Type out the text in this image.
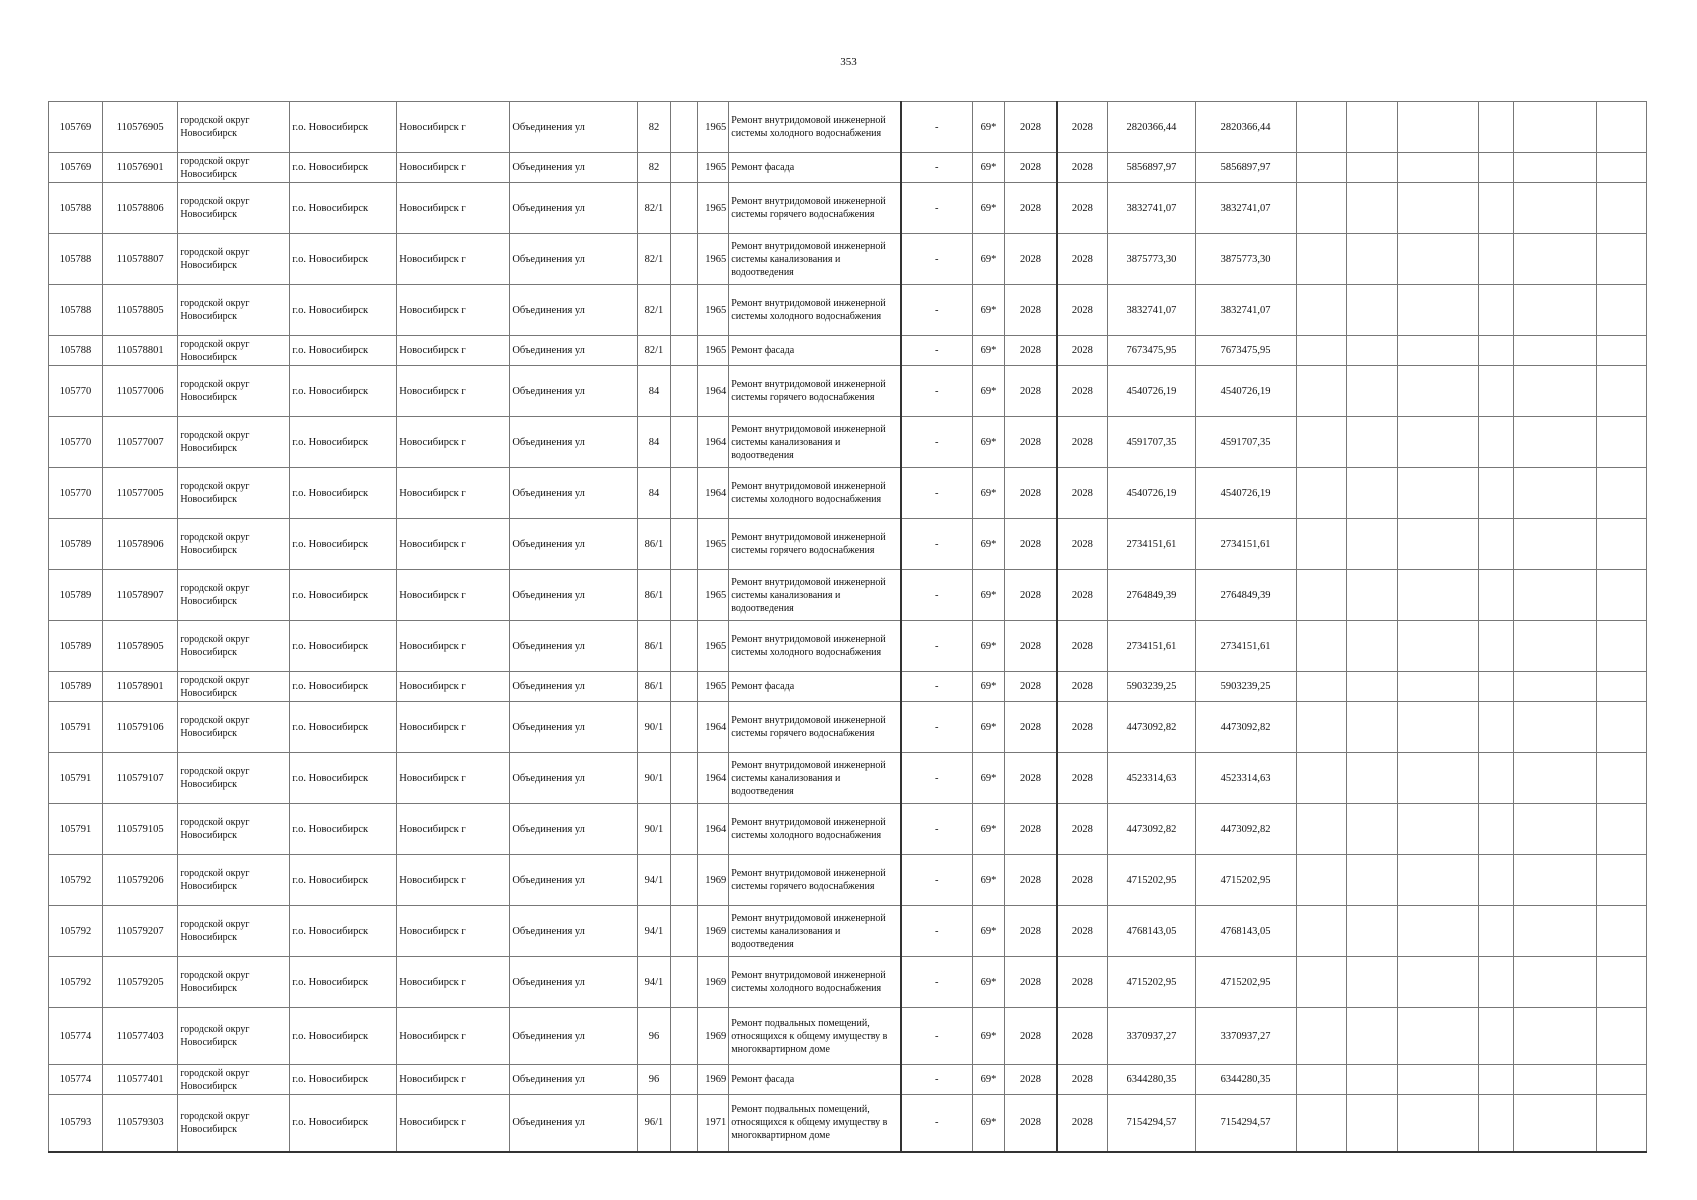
353
105769	110576905	городской округ Новосибирск	г.о. Новосибирск	Новосибирск г	Объединения ул	82		1965	Ремонт внутридомовой инженерной системы холодного водоснабжения	-	69*	2028	2028	2820366,44	2820366,44						
105769	110576901	городской округ Новосибирск	г.о. Новосибирск	Новосибирск г	Объединения ул	82		1965	Ремонт фасада	-	69*	2028	2028	5856897,97	5856897,97						
105788	110578806	городской округ Новосибирск	г.о. Новосибирск	Новосибирск г	Объединения ул	82/1		1965	Ремонт внутридомовой инженерной системы горячего водоснабжения	-	69*	2028	2028	3832741,07	3832741,07						
105788	110578807	городской округ Новосибирск	г.о. Новосибирск	Новосибирск г	Объединения ул	82/1		1965	Ремонт внутридомовой инженерной системы канализования и водоотведения	-	69*	2028	2028	3875773,30	3875773,30						
105788	110578805	городской округ Новосибирск	г.о. Новосибирск	Новосибирск г	Объединения ул	82/1		1965	Ремонт внутридомовой инженерной системы холодного водоснабжения	-	69*	2028	2028	3832741,07	3832741,07						
105788	110578801	городской округ Новосибирск	г.о. Новосибирск	Новосибирск г	Объединения ул	82/1		1965	Ремонт фасада	-	69*	2028	2028	7673475,95	7673475,95						
105770	110577006	городской округ Новосибирск	г.о. Новосибирск	Новосибирск г	Объединения ул	84		1964	Ремонт внутридомовой инженерной системы горячего водоснабжения	-	69*	2028	2028	4540726,19	4540726,19						
105770	110577007	городской округ Новосибирск	г.о. Новосибирск	Новосибирск г	Объединения ул	84		1964	Ремонт внутридомовой инженерной системы канализования и водоотведения	-	69*	2028	2028	4591707,35	4591707,35						
105770	110577005	городской округ Новосибирск	г.о. Новосибирск	Новосибирск г	Объединения ул	84		1964	Ремонт внутридомовой инженерной системы холодного водоснабжения	-	69*	2028	2028	4540726,19	4540726,19						
105789	110578906	городской округ Новосибирск	г.о. Новосибирск	Новосибирск г	Объединения ул	86/1		1965	Ремонт внутридомовой инженерной системы горячего водоснабжения	-	69*	2028	2028	2734151,61	2734151,61						
105789	110578907	городской округ Новосибирск	г.о. Новосибирск	Новосибирск г	Объединения ул	86/1		1965	Ремонт внутридомовой инженерной системы канализования и водоотведения	-	69*	2028	2028	2764849,39	2764849,39						
105789	110578905	городской округ Новосибирск	г.о. Новосибирск	Новосибирск г	Объединения ул	86/1		1965	Ремонт внутридомовой инженерной системы холодного водоснабжения	-	69*	2028	2028	2734151,61	2734151,61						
105789	110578901	городской округ Новосибирск	г.о. Новосибирск	Новосибирск г	Объединения ул	86/1		1965	Ремонт фасада	-	69*	2028	2028	5903239,25	5903239,25						
105791	110579106	городской округ Новосибирск	г.о. Новосибирск	Новосибирск г	Объединения ул	90/1		1964	Ремонт внутридомовой инженерной системы горячего водоснабжения	-	69*	2028	2028	4473092,82	4473092,82						
105791	110579107	городской округ Новосибирск	г.о. Новосибирск	Новосибирск г	Объединения ул	90/1		1964	Ремонт внутридомовой инженерной системы канализования и водоотведения	-	69*	2028	2028	4523314,63	4523314,63						
105791	110579105	городской округ Новосибирск	г.о. Новосибирск	Новосибирск г	Объединения ул	90/1		1964	Ремонт внутридомовой инженерной системы холодного водоснабжения	-	69*	2028	2028	4473092,82	4473092,82						
105792	110579206	городской округ Новосибирск	г.о. Новосибирск	Новосибирск г	Объединения ул	94/1		1969	Ремонт внутридомовой инженерной системы горячего водоснабжения	-	69*	2028	2028	4715202,95	4715202,95						
105792	110579207	городской округ Новосибирск	г.о. Новосибирск	Новосибирск г	Объединения ул	94/1		1969	Ремонт внутридомовой инженерной системы канализования и водоотведения	-	69*	2028	2028	4768143,05	4768143,05						
105792	110579205	городской округ Новосибирск	г.о. Новосибирск	Новосибирск г	Объединения ул	94/1		1969	Ремонт внутридомовой инженерной системы холодного водоснабжения	-	69*	2028	2028	4715202,95	4715202,95						
105774	110577403	городской округ Новосибирск	г.о. Новосибирск	Новосибирск г	Объединения ул	96		1969	Ремонт подвальных помещений, относящихся к общему имуществу в многоквартирном доме	-	69*	2028	2028	3370937,27	3370937,27						
105774	110577401	городской округ Новосибирск	г.о. Новосибирск	Новосибирск г	Объединения ул	96		1969	Ремонт фасада	-	69*	2028	2028	6344280,35	6344280,35						
105793	110579303	городской округ Новосибирск	г.о. Новосибирск	Новосибирск г	Объединения ул	96/1		1971	Ремонт подвальных помещений, относящихся к общему имуществу в многоквартирном доме	-	69*	2028	2028	7154294,57	7154294,57						
